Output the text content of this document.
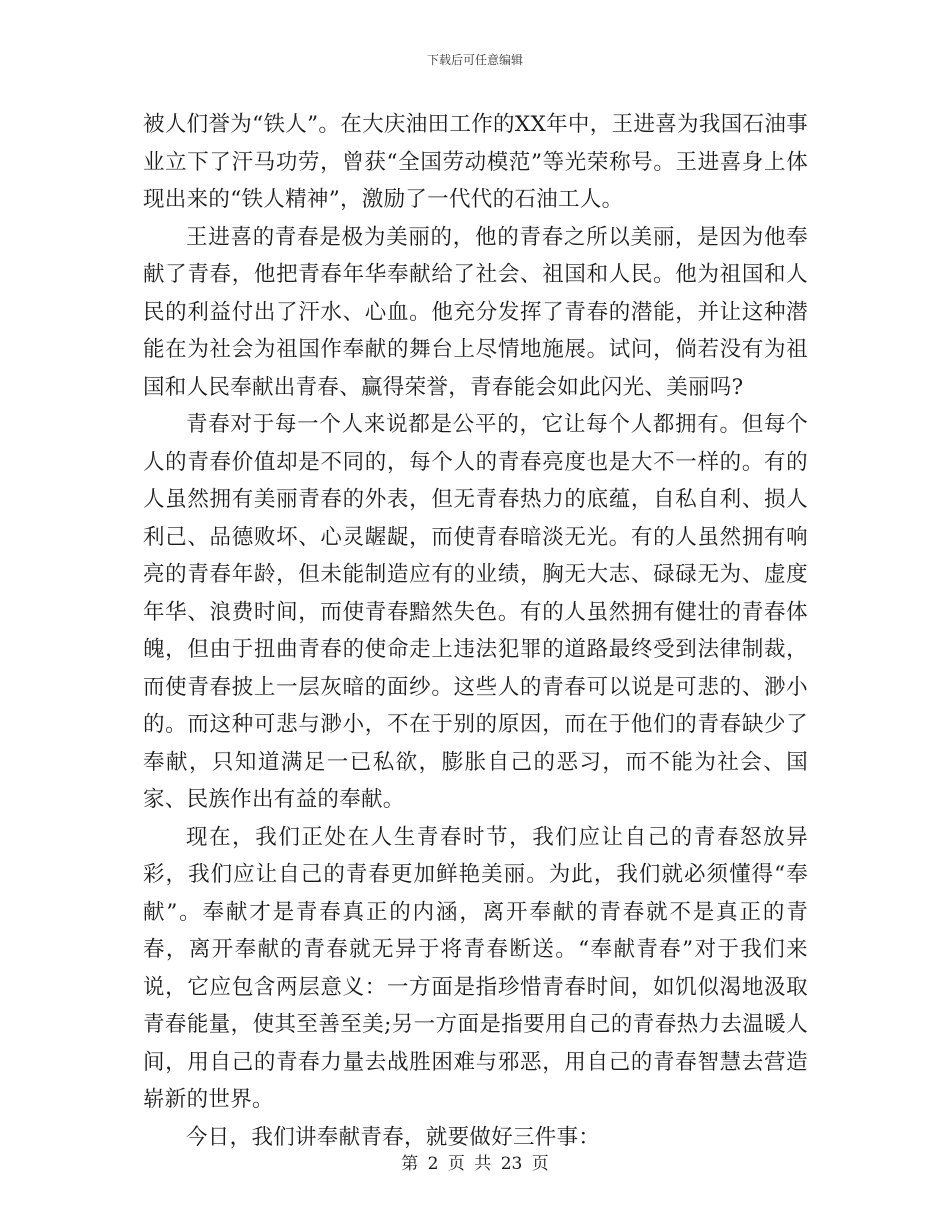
下载后可任意编辑

被人们誉为“铁人”。在大庆油田工作的XX年中，王进喜为我国石油事业立下了汗马功劳，曾获“全国劳动模范”等光荣称号。王进喜身上体现出来的“铁人精神”，激励了一代代的石油工人。

王进喜的青春是极为美丽的，他的青春之所以美丽，是因为他奉献了青春，他把青春年华奉献给了社会、祖国和人民。他为祖国和人民的利益付出了汗水、心血。他充分发挥了青春的潜能，并让这种潜能在为社会为祖国作奉献的舞台上尽情地施展。试问，倘若没有为祖国和人民奉献出青春、赢得荣誉，青春能会如此闪光、美丽吗?

青春对于每一个人来说都是公平的，它让每个人都拥有。但每个人的青春价值却是不同的，每个人的青春亮度也是大不一样的。有的人虽然拥有美丽青春的外表，但无青春热力的底蕴，自私自利、损人利己、品德败坏、心灵龌龊，而使青春暗淡无光。有的人虽然拥有响亮的青春年龄，但未能制造应有的业绩，胸无大志、碌碌无为、虚度年华、浪费时间，而使青春黯然失色。有的人虽然拥有健壮的青春体魄，但由于扭曲青春的使命走上违法犯罪的道路最终受到法律制裁，而使青春披上一层灰暗的面纱。这些人的青春可以说是可悲的、渺小的。而这种可悲与渺小，不在于别的原因，而在于他们的青春缺少了奉献，只知道满足一已私欲，膨胀自己的恶习，而不能为社会、国家、民族作出有益的奉献。

现在，我们正处在人生青春时节，我们应让自己的青春怒放异彩，我们应让自己的青春更加鲜艳美丽。为此，我们就必须懂得“奉献”。奉献才是青春真正的内涵，离开奉献的青春就不是真正的青春，离开奉献的青春就无异于将青春断送。“奉献青春”对于我们来说，它应包含两层意义：一方面是指珍惜青春时间，如饥似渴地汲取青春能量，使其至善至美;另一方面是指要用自己的青春热力去温暖人间，用自己的青春力量去战胜困难与邪恶，用自己的青春智慧去营造崭新的世界。

今日，我们讲奉献青春，就要做好三件事：

第 2 页 共 23 页
